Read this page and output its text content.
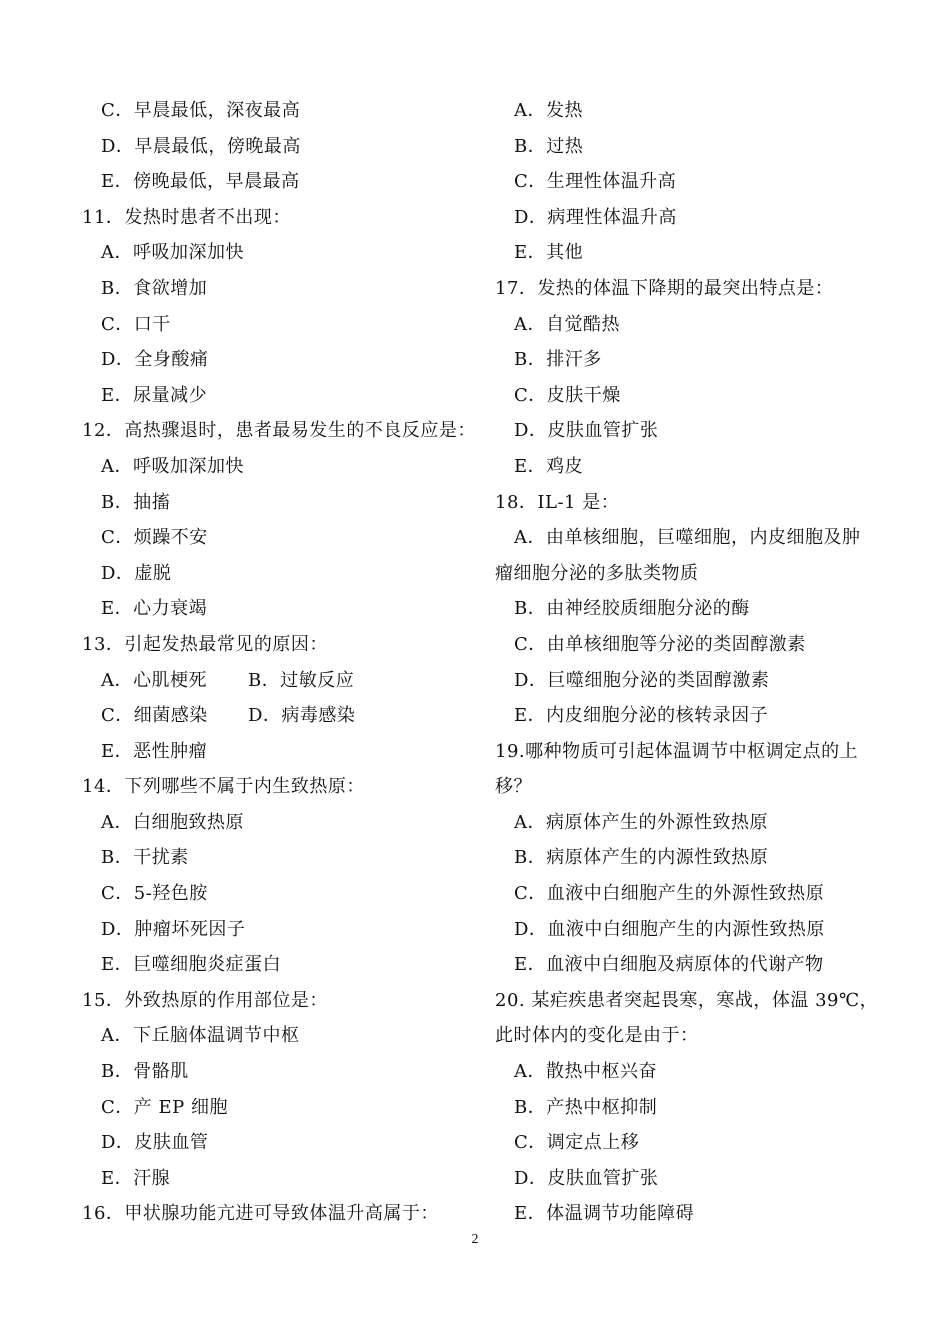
C．早晨最低，深夜最高
D．早晨最低，傍晚最高
E．傍晚最低，早晨最高
11．发热时患者不出现：
A．呼吸加深加快
B．食欲增加
C．口干
D．全身酸痛
E．尿量减少
12．高热骤退时，患者最易发生的不良反应是：
A．呼吸加深加快
B．抽搐
C．烦躁不安
D．虚脱
E．心力衰竭
13．引起发热最常见的原因：
A．心肌梗死	B．过敏反应
C．细菌感染	D．病毒感染
E．恶性肿瘤
14．下列哪些不属于内生致热原：
A．白细胞致热原
B．干扰素
C．5-羟色胺
D．肿瘤坏死因子
E．巨噬细胞炎症蛋白
15．外致热原的作用部位是：
A．下丘脑体温调节中枢
B．骨骼肌
C．产 EP 细胞
D．皮肤血管
E．汗腺
16．甲状腺功能亢进可导致体温升高属于：
A．发热
B．过热
C．生理性体温升高
D．病理性体温升高
E．其他
17．发热的体温下降期的最突出特点是：
A．自觉酷热
B．排汗多
C．皮肤干燥
D．皮肤血管扩张
E．鸡皮
18．IL-1 是：
A．由单核细胞，巨噬细胞，内皮细胞及肿
瘤细胞分泌的多肽类物质
B．由神经胶质细胞分泌的酶
C．由单核细胞等分泌的类固醇激素
D．巨噬细胞分泌的类固醇激素
E．内皮细胞分泌的核转录因子
19.哪种物质可引起体温调节中枢调定点的上
移？
A．病原体产生的外源性致热原
B．病原体产生的内源性致热原
C．血液中白细胞产生的外源性致热原
D．血液中白细胞产生的内源性致热原
E．血液中白细胞及病原体的代谢产物
20. 某疟疾患者突起畏寒，寒战，体温 39℃，
此时体内的变化是由于：
A．散热中枢兴奋
B．产热中枢抑制
C．调定点上移
D．皮肤血管扩张
E．体温调节功能障碍
2
